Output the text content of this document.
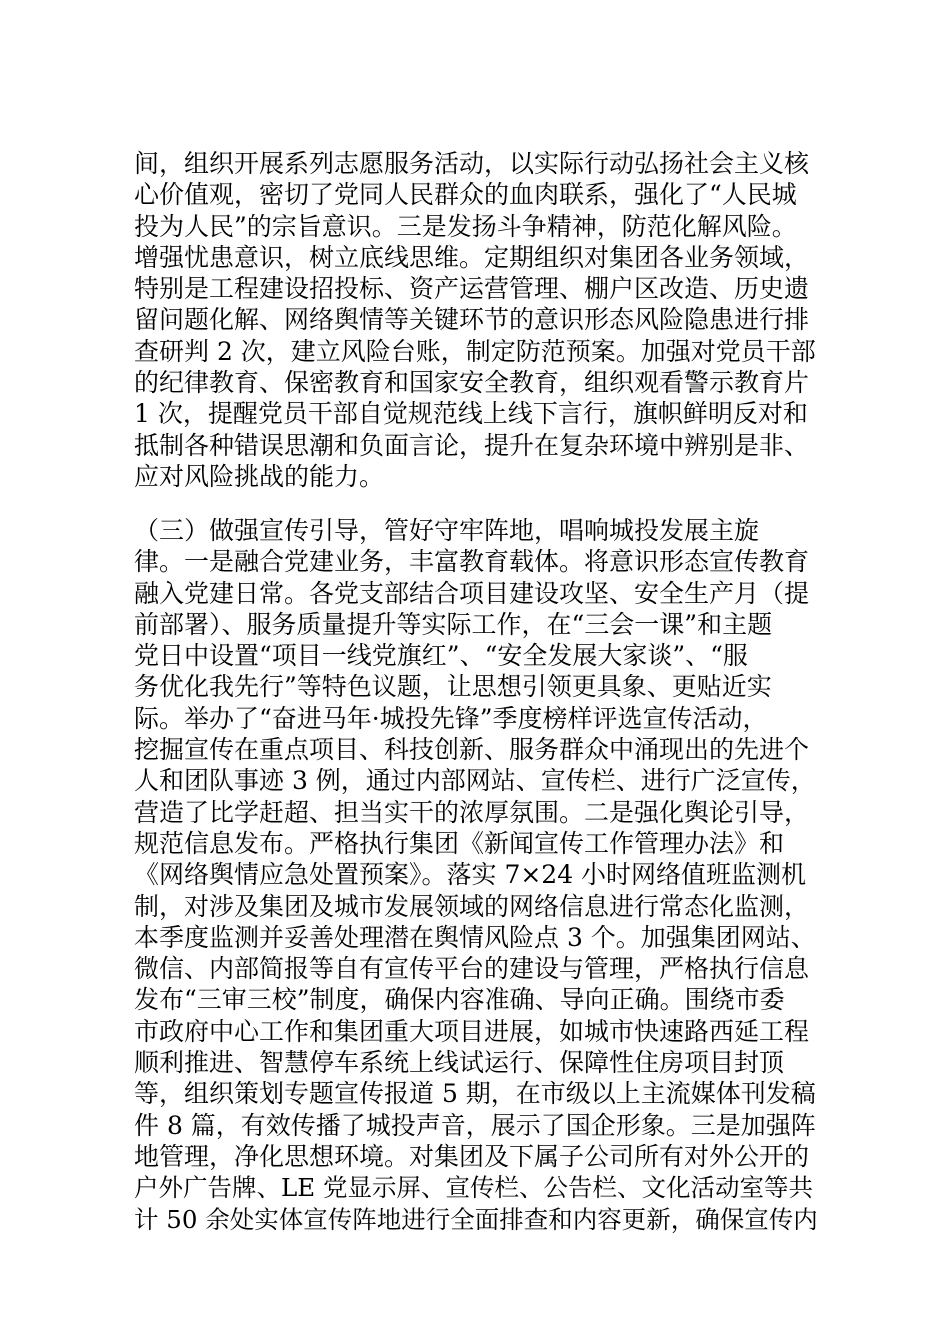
间，组织开展系列志愿服务活动，以实际行动弘扬社会主义核
心价值观，密切了党同人民群众的血肉联系，强化了“人民城
投为人民”的宗旨意识。三是发扬斗争精神，防范化解风险。
增强忧患意识，树立底线思维。定期组织对集团各业务领域，
特别是工程建设招投标、资产运营管理、棚户区改造、历史遗
留问题化解、网络舆情等关键环节的意识形态风险隐患进行排
查研判 2 次，建立风险台账，制定防范预案。加强对党员干部
的纪律教育、保密教育和国家安全教育，组织观看警示教育片
1 次，提醒党员干部自觉规范线上线下言行，旗帜鲜明反对和
抵制各种错误思潮和负面言论，提升在复杂环境中辨别是非、
应对风险挑战的能力。
（三）做强宣传引导，管好守牢阵地，唱响城投发展主旋
律。一是融合党建业务，丰富教育载体。将意识形态宣传教育
融入党建日常。各党支部结合项目建设攻坚、安全生产月（提
前部署）、服务质量提升等实际工作，在“三会一课”和主题
党日中设置“项目一线党旗红”、“安全发展大家谈”、“服
务优化我先行”等特色议题，让思想引领更具象、更贴近实
际。举办了“奋进马年·城投先锋”季度榜样评选宣传活动，
挖掘宣传在重点项目、科技创新、服务群众中涌现出的先进个
人和团队事迹 3 例，通过内部网站、宣传栏、进行广泛宣传，
营造了比学赶超、担当实干的浓厚氛围。二是强化舆论引导，
规范信息发布。严格执行集团《新闻宣传工作管理办法》和
《网络舆情应急处置预案》。落实 7×24 小时网络值班监测机
制，对涉及集团及城市发展领域的网络信息进行常态化监测，
本季度监测并妥善处理潜在舆情风险点 3 个。加强集团网站、
微信、内部简报等自有宣传平台的建设与管理，严格执行信息
发布“三审三校”制度，确保内容准确、导向正确。围绕市委
市政府中心工作和集团重大项目进展，如城市快速路西延工程
顺利推进、智慧停车系统上线试运行、保障性住房项目封顶
等，组织策划专题宣传报道 5 期，在市级以上主流媒体刊发稿
件 8 篇，有效传播了城投声音，展示了国企形象。三是加强阵
地管理，净化思想环境。对集团及下属子公司所有对外公开的
户外广告牌、LE 党显示屏、宣传栏、公告栏、文化活动室等共
计 50 余处实体宣传阵地进行全面排查和内容更新，确保宣传内
